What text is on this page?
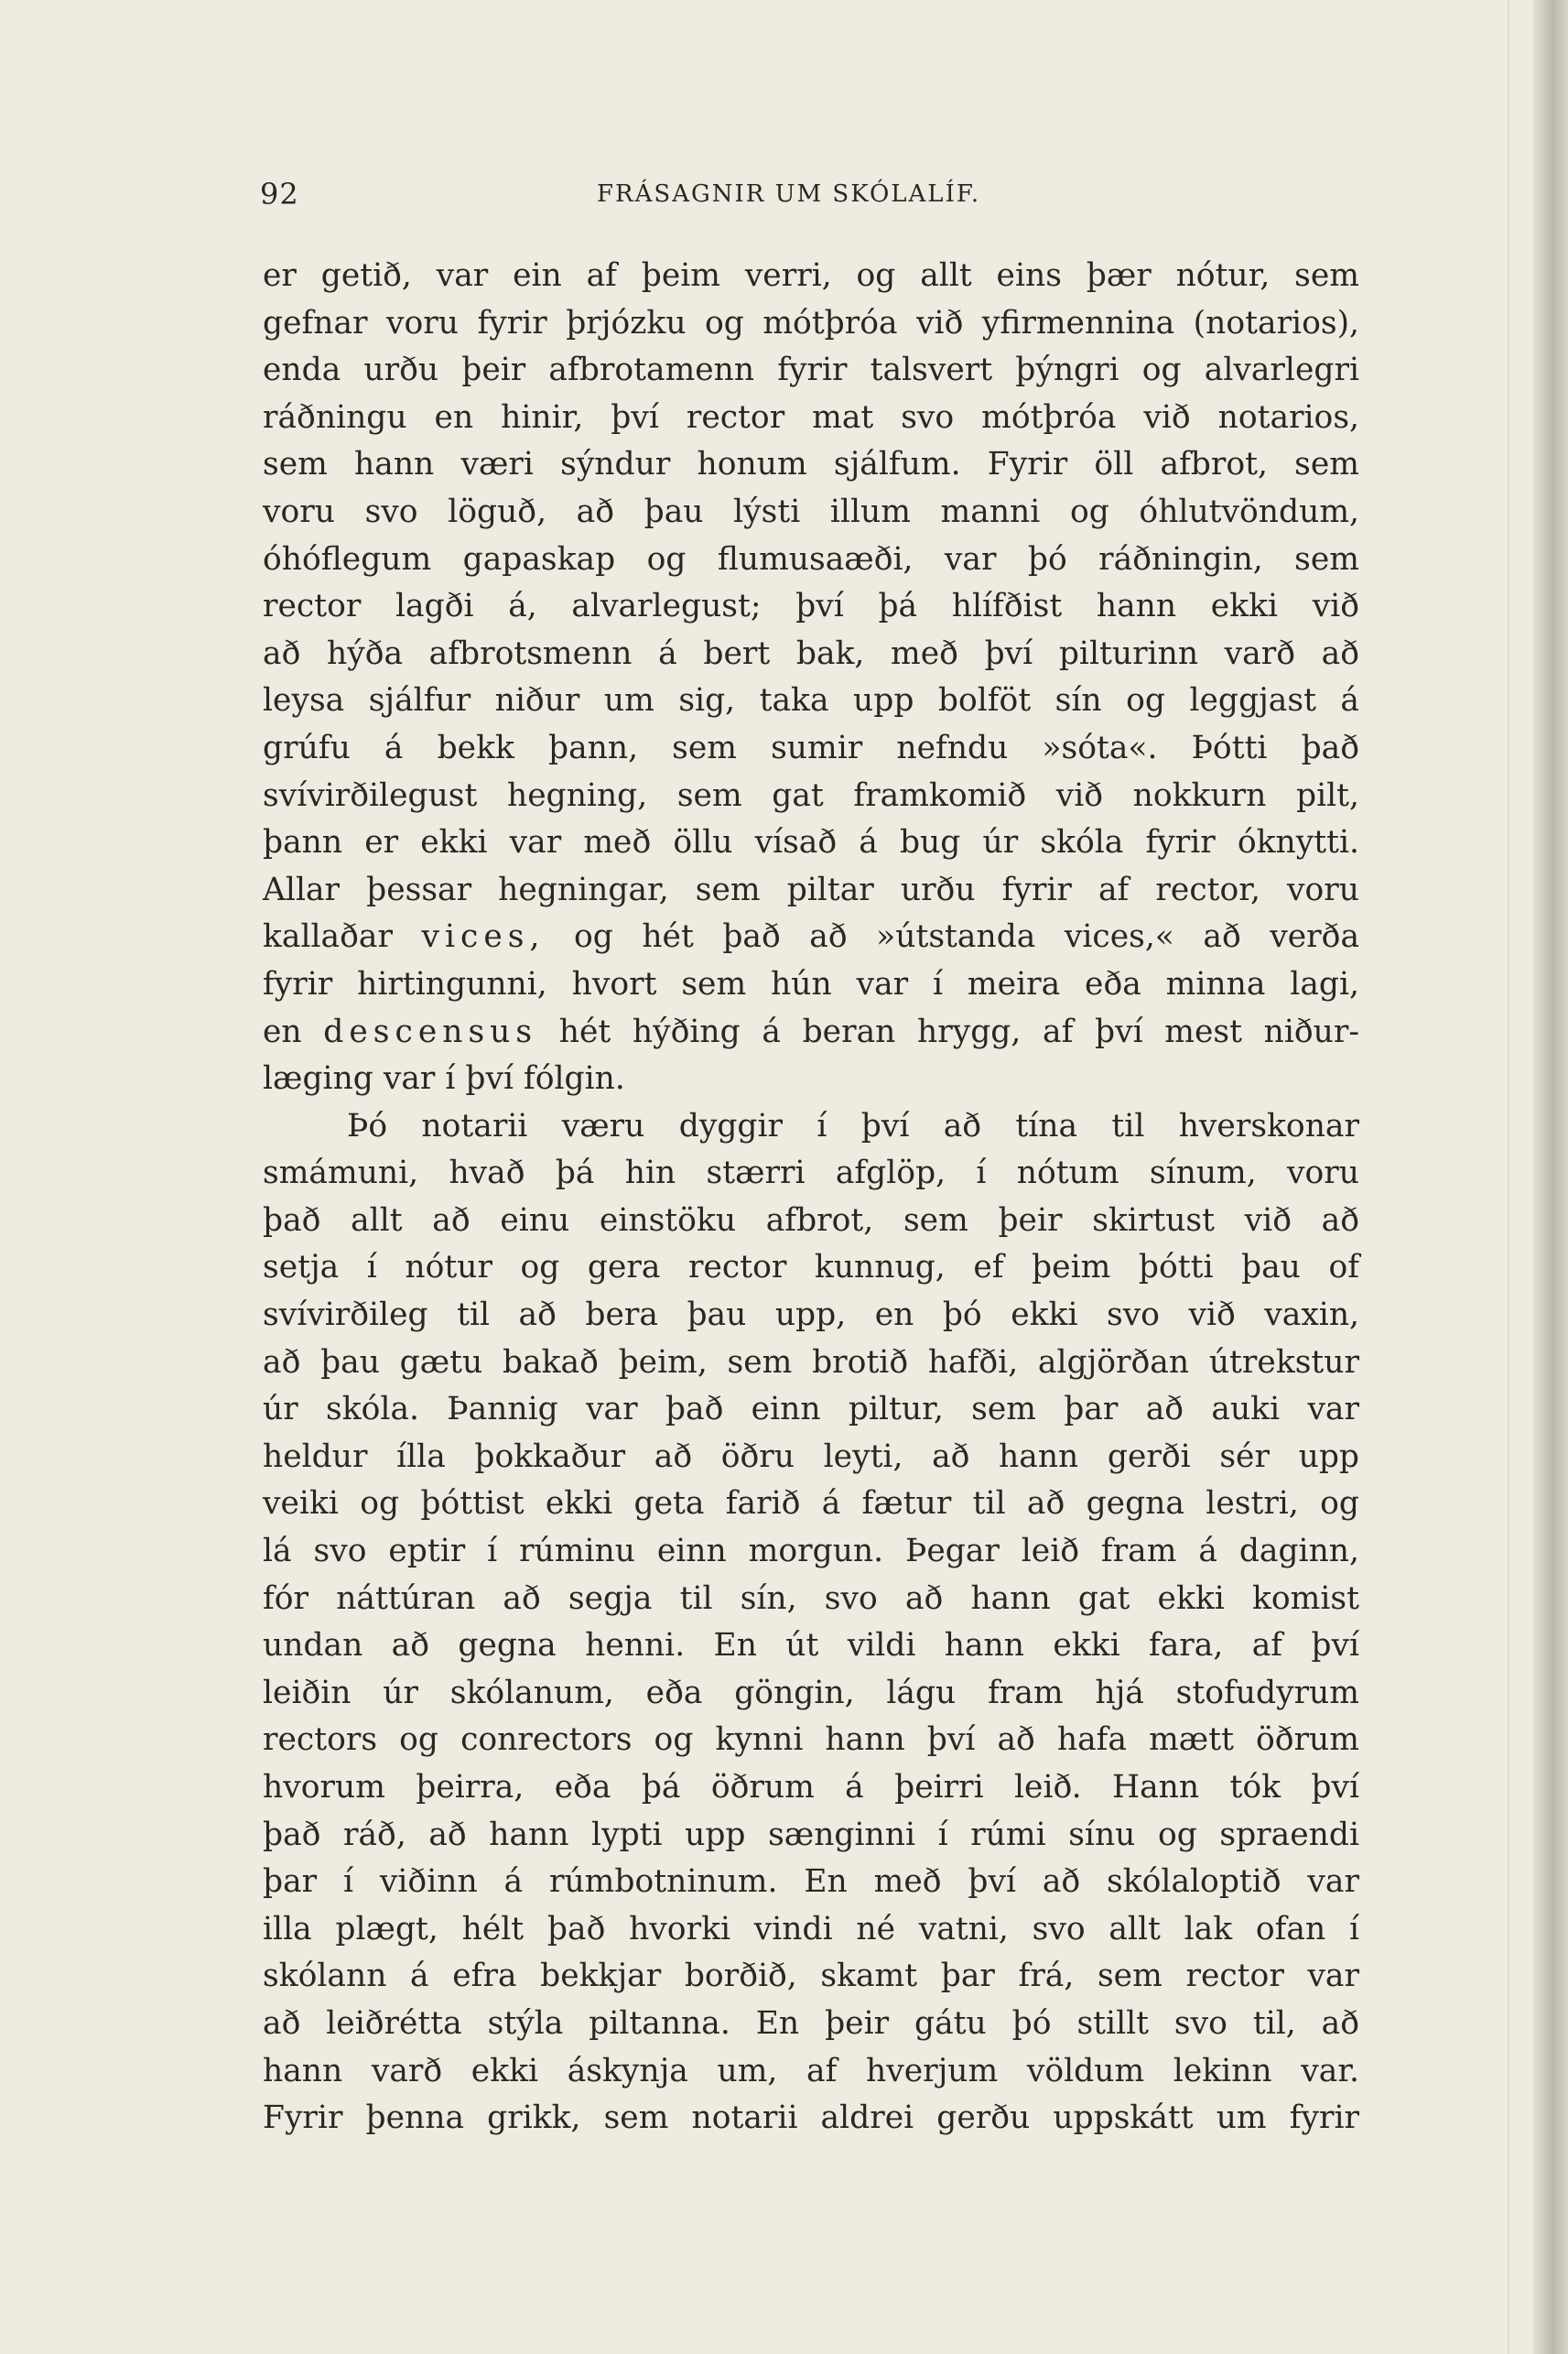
92	FRÁSAGNIR UM SKÓLALÍF.
er getið, var ein af þeim verri, og allt eins þær nótur, sem
gefnar voru fyrir þrjózku og mótþróa við yfirmennina (notarios),
enda urðu þeir afbrotamenn fyrir talsvert þýngri og alvarlegri
ráðningu en hinir, því rector mat svo mótþróa við notarios,
sem hann væri sýndur honum sjálfum. Fyrir öll afbrot, sem
voru svo löguð, að þau lýsti illum manni og óhlutvöndum,
óhóflegum gapaskap og flumusaæði, var þó ráðningin, sem
rector lagði á, alvarlegust; því þá hlífðist hann ekki við
að hýða afbrotsmenn á bert bak, með því pilturinn varð að
leysa sjálfur niður um sig, taka upp bolföt sín og leggjast á
grúfu á bekk þann, sem sumir nefndu »sóta«. Þótti það
svívirðilegust hegning, sem gat framkomið við nokkurn pilt,
þann er ekki var með öllu vísað á bug úr skóla fyrir óknytti.
Allar þessar hegningar, sem piltar urðu fyrir af rector, voru
kallaðar vices, og hét það að »útstanda vices,« að verða
fyrir hirtingunni, hvort sem hún var í meira eða minna lagi,
en descensus hét hýðing á beran hrygg, af því mest niður-
læging var í því fólgin.
Þó notarii væru dyggir í því að tína til hverskonar
smámuni, hvað þá hin stærri afglöp, í nótum sínum, voru
það allt að einu einstöku afbrot, sem þeir skirtust við að
setja í nótur og gera rector kunnug, ef þeim þótti þau of
svívirðileg til að bera þau upp, en þó ekki svo við vaxin,
að þau gætu bakað þeim, sem brotið hafði, algjörðan útrekstur
úr skóla. Þannig var það einn piltur, sem þar að auki var
heldur ílla þokkaður að öðru leyti, að hann gerði sér upp
veiki og þóttist ekki geta farið á fætur til að gegna lestri, og
lá svo eptir í rúminu einn morgun. Þegar leið fram á daginn,
fór náttúran að segja til sín, svo að hann gat ekki komist
undan að gegna henni. En út vildi hann ekki fara, af því
leiðin úr skólanum, eða göngin, lágu fram hjá stofudyrum
rectors og conrectors og kynni hann því að hafa mætt öðrum
hvorum þeirra, eða þá öðrum á þeirri leið. Hann tók því
það ráð, að hann lypti upp sænginni í rúmi sínu og spraendi
þar í viðinn á rúmbotninum. En með því að skólaloptið var
illa plægt, hélt það hvorki vindi né vatni, svo allt lak ofan í
skólann á efra bekkjar borðið, skamt þar frá, sem rector var
að leiðrétta stýla piltanna. En þeir gátu þó stillt svo til, að
hann varð ekki áskynja um, af hverjum völdum lekinn var.
Fyrir þenna grikk, sem notarii aldrei gerðu uppskátt um fyrir
